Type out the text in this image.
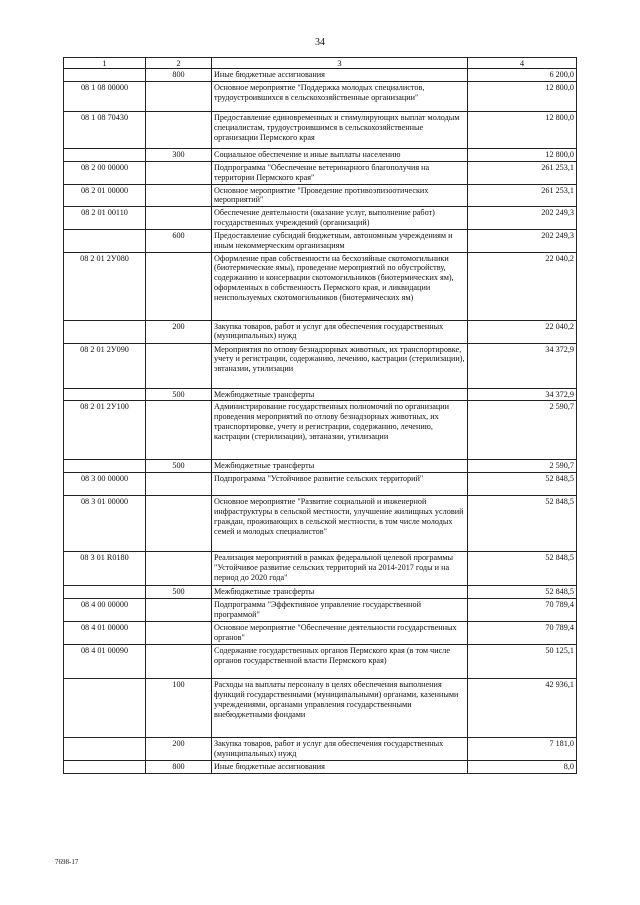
34
1	2	3	4
	800	Иные бюджетные ассигнования	6 200,0
08 1 08 00000		Основное мероприятие "Поддержка молодых специалистов, трудоустроившихся в сельскохозяйственные организации"	12 800,0
08 1 08 70430		Предоставление единовременных и стимулирующих выплат молодым специалистам, трудоустроившимся в сельскохозяйственные организации Пермского края	12 800,0
	300	Социальное обеспечение и иные выплаты населению	12 800,0
08 2 00 00000		Подпрограмма "Обеспечение ветеринарного благополучия на территории Пермского края"	261 253,1
08 2 01 00000		Основное мероприятие "Проведение противоэпизоотических мероприятий"	261 253,1
08 2 01 00110		Обеспечение деятельности (оказание услуг, выполнение работ) государственных учреждений (организаций)	202 249,3
	600	Предоставление субсидий бюджетным, автономным учреждениям и иным некоммерческим организациям	202 249,3
08 2 01 2У080		Оформление прав собственности на бесхозяйные скотомогильники (биотермические ямы), проведение мероприятий по обустройству, содержанию и консервации скотомогильников (биотермических ям), оформленных в собственность Пермского края, и ликвидации неиспользуемых скотомогильников (биотермических ям)	22 040,2
	200	Закупка товаров, работ и услуг для обеспечения государственных (муниципальных) нужд	22 040,2
08 2 01 2У090		Мероприятия по отлову безнадзорных животных, их транспортировке, учету и регистрации, содержанию, лечению, кастрации (стерилизации), эвтаназии, утилизации	34 372,9
	500	Межбюджетные трансферты	34 372,9
08 2 01 2У100		Администрирование государственных полномочий по организации проведения мероприятий по отлову безнадзорных животных, их транспортировке, учету и регистрации, содержанию, лечению, кастрации (стерилизации), эвтаназии, утилизации	2 590,7
	500	Межбюджетные трансферты	2 590,7
08 3 00 00000		Подпрограмма "Устойчивое развитие сельских территорий"	52 848,5
08 3 01 00000		Основное мероприятие "Развитие социальной и инженерной инфраструктуры в сельской местности, улучшение жилищных условий граждан, проживающих в сельской местности, в том числе молодых семей и молодых специалистов"	52 848,5
08 3 01 R0180		Реализация мероприятий в рамках федеральной целевой программы "Устойчивое развитие сельских территорий на 2014-2017 годы и на период до 2020 года"	52 848,5
	500	Межбюджетные трансферты	52 848,5
08 4 00 00000		Подпрограмма "Эффективное управление государственной программой"	70 789,4
08 4 01 00000		Основное мероприятие "Обеспечение деятельности государственных органов"	70 789,4
08 4 01 00090		Содержание государственных органов Пермского края (в том числе органов государственной власти Пермского края)	50 125,1
	100	Расходы на выплаты персоналу в целях обеспечения выполнения функций государственными (муниципальными) органами, казенными учреждениями, органами управления государственными внебюджетными фондами	42 936,1
	200	Закупка товаров, работ и услуг для обеспечения государственных (муниципальных) нужд	7 181,0
	800	Иные бюджетные ассигнования	8,0
7698-17
